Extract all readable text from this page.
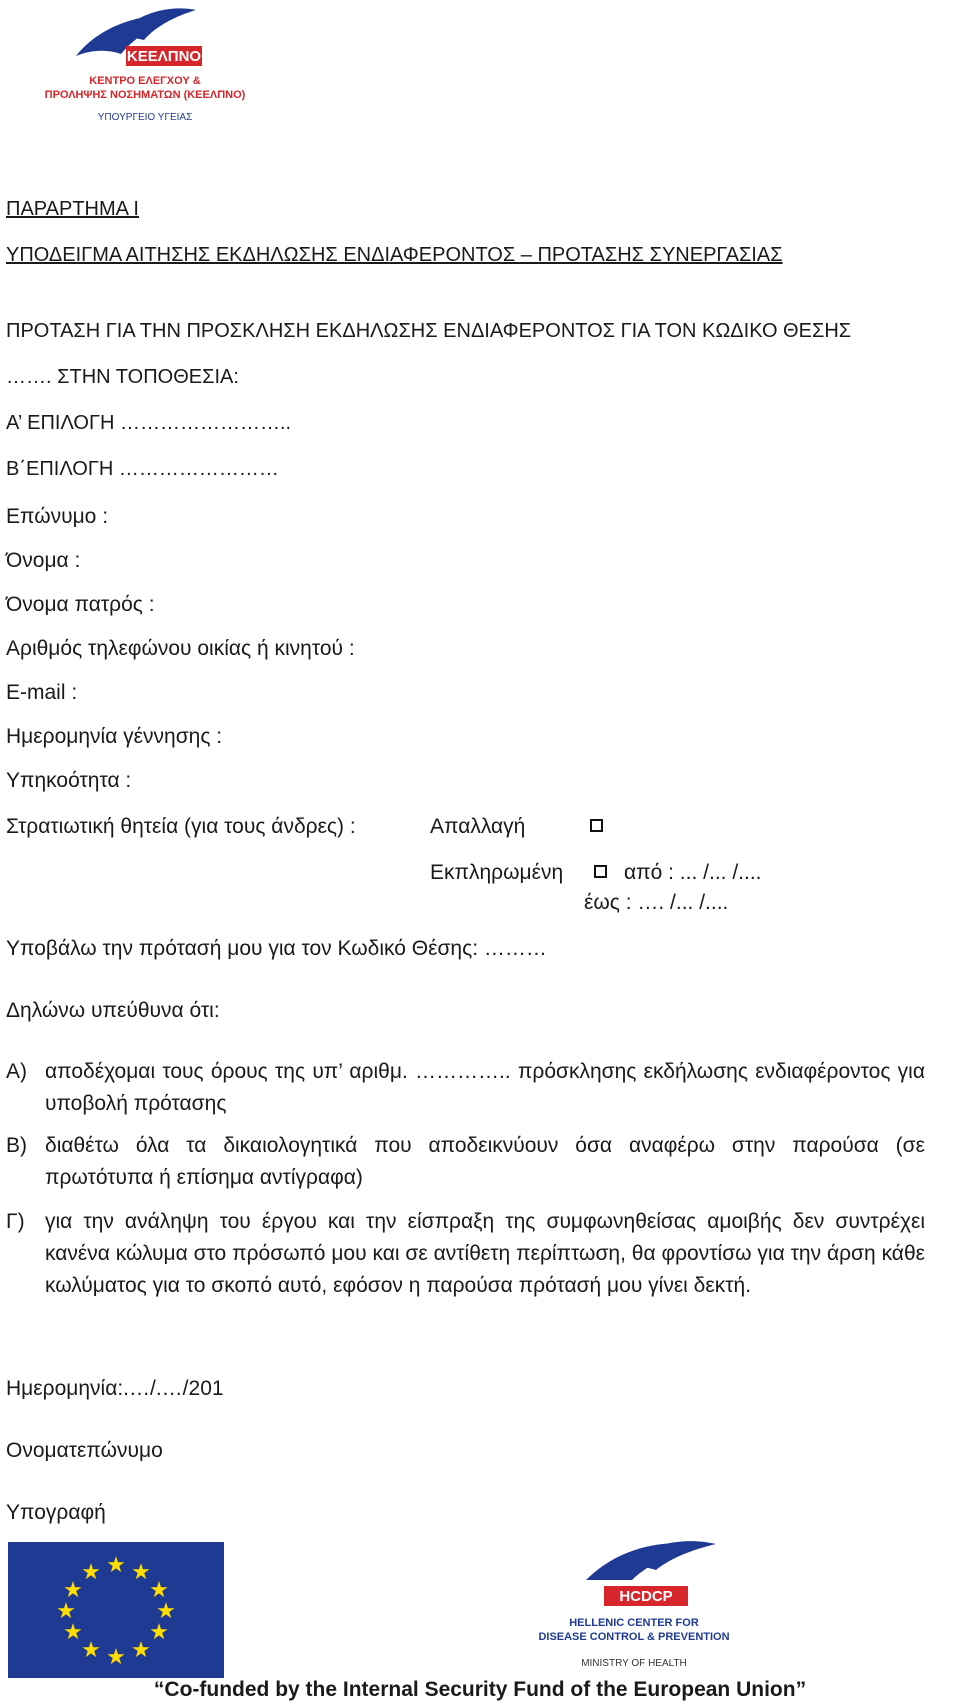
ΚΕΕΛΠΝΟ
ΚΕΝΤΡΟ ΕΛΕΓΧΟΥ &
ΠΡΟΛΗΨΗΣ ΝΟΣΗΜΑΤΩΝ (ΚΕΕΛΠΝΟ)
ΥΠΟΥΡΓΕΙΟ ΥΓΕΙΑΣ
ΠΑΡΑΡΤΗΜΑ Ι
ΥΠΟΔΕΙΓΜΑ ΑΙΤΗΣΗΣ ΕΚΔΗΛΩΣΗΣ ΕΝΔΙΑΦΕΡΟΝΤΟΣ – ΠΡΟΤΑΣΗΣ ΣΥΝΕΡΓΑΣΙΑΣ
ΠΡΟΤΑΣΗ ΓΙΑ ΤΗΝ ΠΡΟΣΚΛΗΣΗ ΕΚΔΗΛΩΣΗΣ ΕΝΔΙΑΦΕΡΟΝΤΟΣ ΓΙΑ ΤΟΝ ΚΩΔΙΚΟ ΘΕΣΗΣ
……. ΣΤΗΝ ΤΟΠΟΘΕΣΙΑ:
Α’ ΕΠΙΛΟΓΗ ……………………..
Β΄ΕΠΙΛΟΓΗ ……………………
Επώνυμο :
Όνομα :
Όνομα πατρός :
Αριθμός τηλεφώνου οικίας ή κινητού :
E-mail :
Ημερομηνία γέννησης :
Υπηκοότητα :
Στρατιωτική θητεία (για τους άνδρες) :	Απαλλαγή
Εκπληρωμένη	από : ... /... /....
έως : …. /... /....
Υποβάλω την πρότασή μου για τον Κωδικό Θέσης: ………
Δηλώνω υπεύθυνα ότι:
Α) αποδέχομαι τους όρους της υπ’ αριθμ. ………….. πρόσκλησης εκδήλωσης ενδιαφέροντος για υποβολή πρότασης
Β) διαθέτω όλα τα δικαιολογητικά που αποδεικνύουν όσα αναφέρω στην παρούσα (σε πρωτότυπα ή επίσημα αντίγραφα)
Γ) για την ανάληψη του έργου και την είσπραξη της συμφωνηθείσας αμοιβής δεν συντρέχει κανένα κώλυμα στο πρόσωπό μου και σε αντίθετη περίπτωση, θα φροντίσω για την άρση κάθε κωλύματος για το σκοπό αυτό, εφόσον η παρούσα πρότασή μου γίνει δεκτή.
Ημερομηνία:.…/.…/201
Ονοματεπώνυμο
Υπογραφή
★ ★
★
★
★
★
★
★
★
★
★
★
HCDCP
HELLENIC CENTER FOR
DISEASE CONTROL & PREVENTION
MINISTRY OF HEALTH
“Co-funded by the Internal Security Fund of the European Union”
